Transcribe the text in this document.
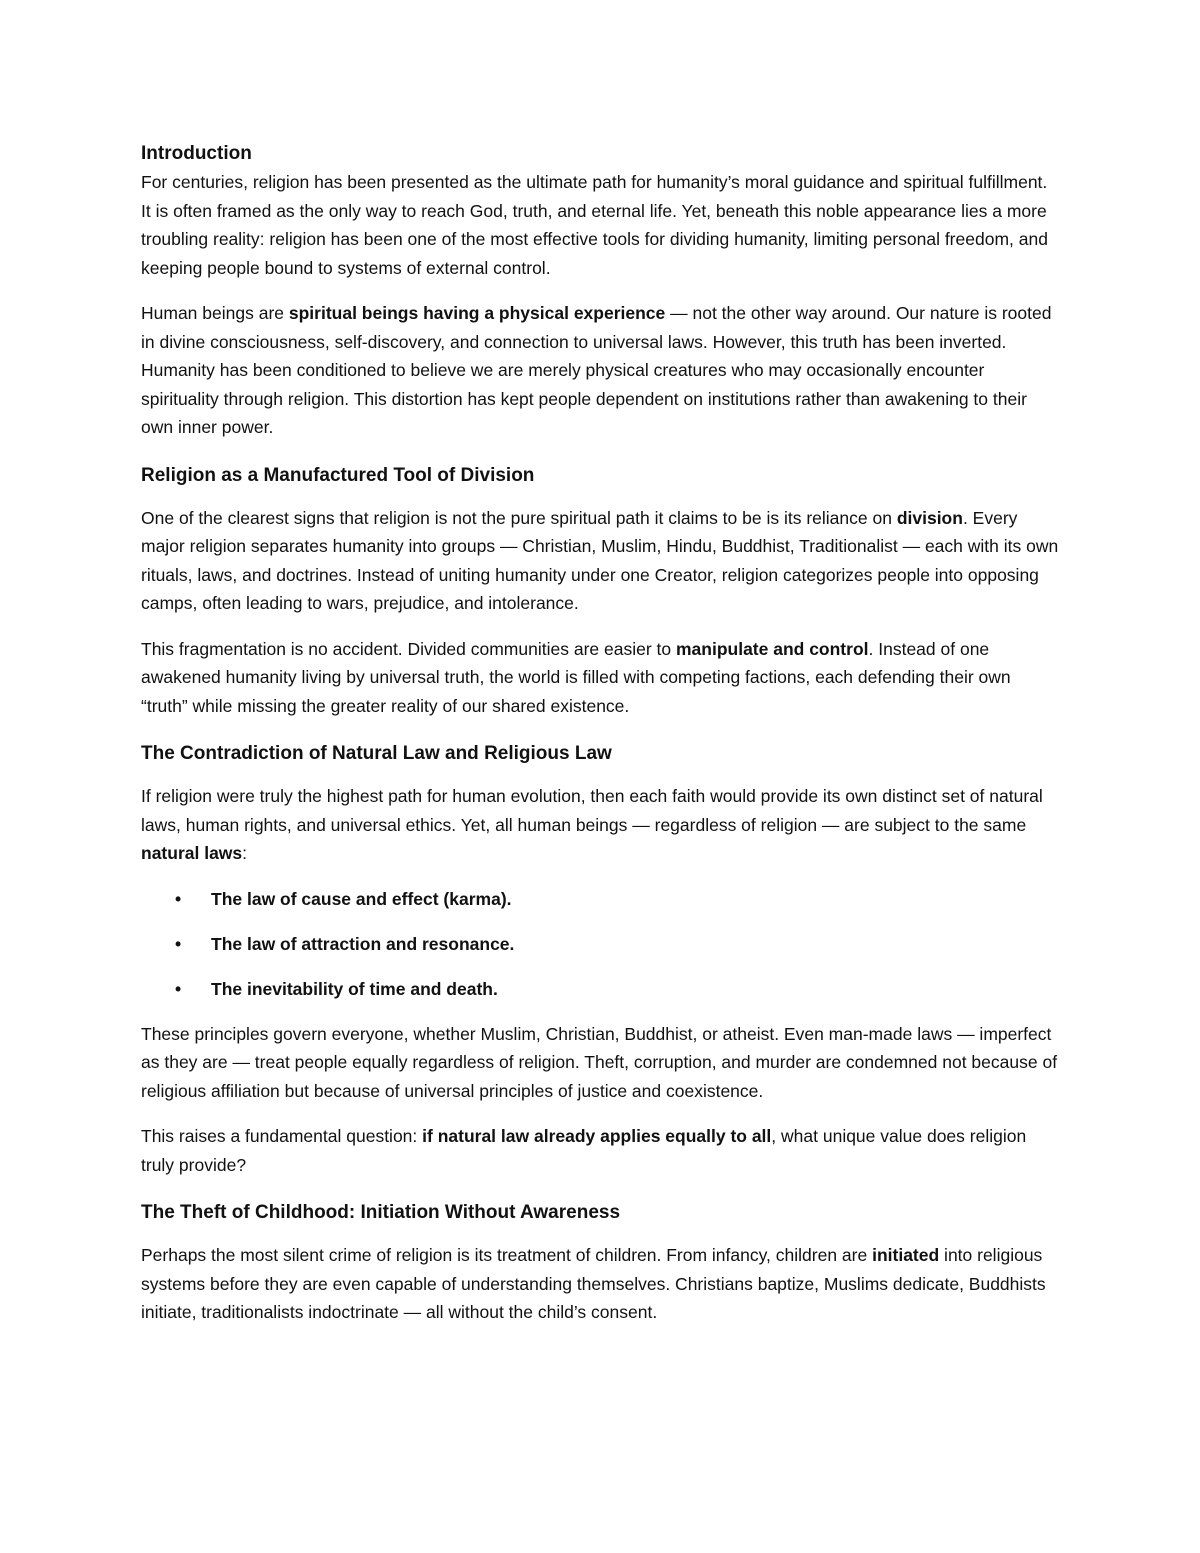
Introduction

For centuries, religion has been presented as the ultimate path for humanity’s moral guidance and spiritual fulfillment. It is often framed as the only way to reach God, truth, and eternal life. Yet, beneath this noble appearance lies a more troubling reality: religion has been one of the most effective tools for dividing humanity, limiting personal freedom, and keeping people bound to systems of external control.

Human beings are spiritual beings having a physical experience — not the other way around. Our nature is rooted in divine consciousness, self-discovery, and connection to universal laws. However, this truth has been inverted. Humanity has been conditioned to believe we are merely physical creatures who may occasionally encounter spirituality through religion. This distortion has kept people dependent on institutions rather than awakening to their own inner power.

Religion as a Manufactured Tool of Division

One of the clearest signs that religion is not the pure spiritual path it claims to be is its reliance on division. Every major religion separates humanity into groups — Christian, Muslim, Hindu, Buddhist, Traditionalist — each with its own rituals, laws, and doctrines. Instead of uniting humanity under one Creator, religion categorizes people into opposing camps, often leading to wars, prejudice, and intolerance.

This fragmentation is no accident. Divided communities are easier to manipulate and control. Instead of one awakened humanity living by universal truth, the world is filled with competing factions, each defending their own “truth” while missing the greater reality of our shared existence.

The Contradiction of Natural Law and Religious Law

If religion were truly the highest path for human evolution, then each faith would provide its own distinct set of natural laws, human rights, and universal ethics. Yet, all human beings — regardless of religion — are subject to the same natural laws:

• The law of cause and effect (karma).
• The law of attraction and resonance.
• The inevitability of time and death.

These principles govern everyone, whether Muslim, Christian, Buddhist, or atheist. Even man-made laws — imperfect as they are — treat people equally regardless of religion. Theft, corruption, and murder are condemned not because of religious affiliation but because of universal principles of justice and coexistence.

This raises a fundamental question: if natural law already applies equally to all, what unique value does religion truly provide?

The Theft of Childhood: Initiation Without Awareness

Perhaps the most silent crime of religion is its treatment of children. From infancy, children are initiated into religious systems before they are even capable of understanding themselves. Christians baptize, Muslims dedicate, Buddhists initiate, traditionalists indoctrinate — all without the child’s consent.
